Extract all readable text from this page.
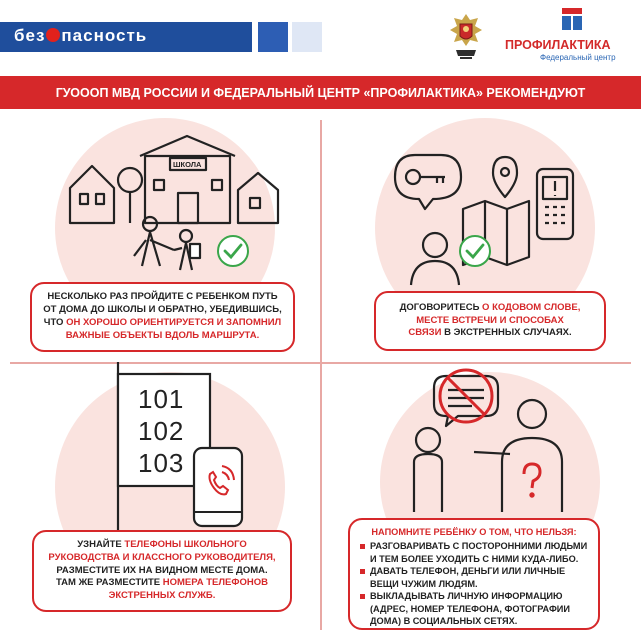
без пасность	ПРОФИЛАКТИКА
Федеральный центр
ГУОООП МВД РОССИИ И ФЕДЕРАЛЬНЫЙ ЦЕНТР «ПРОФИЛАКТИКА» РЕКОМЕНДУЮТ
ШКОЛА
НЕСКОЛЬКО РАЗ ПРОЙДИТЕ С РЕБЕНКОМ ПУТЬ
ОТ ДОМА ДО ШКОЛЫ И ОБРАТНО, УБЕДИВШИСЬ,
ЧТО ОН ХОРОШО ОРИЕНТИРУЕТСЯ И ЗАПОМНИЛ
ВАЖНЫЕ ОБЪЕКТЫ ВДОЛЬ МАРШРУТА.
ДОГОВОРИТЕСЬ О КОДОВОМ СЛОВЕ,
МЕСТЕ ВСТРЕЧИ И СПОСОБАХ
СВЯЗИ В ЭКСТРЕННЫХ СЛУЧАЯХ.
101
102
103
УЗНАЙТЕ ТЕЛЕФОНЫ ШКОЛЬНОГО
РУКОВОДСТВА И КЛАССНОГО РУКОВОДИТЕЛЯ,
РАЗМЕСТИТЕ ИХ НА ВИДНОМ МЕСТЕ ДОМА.
ТАМ ЖЕ РАЗМЕСТИТЕ НОМЕРА ТЕЛЕФОНОВ
ЭКСТРЕННЫХ СЛУЖБ.
НАПОМНИТЕ РЕБЁНКУ О ТОМ, ЧТО НЕЛЬЗЯ:
РАЗГОВАРИВАТЬ С ПОСТОРОННИМИ ЛЮДЬМИ И ТЕМ БОЛЕЕ УХОДИТЬ С НИМИ КУДА-ЛИБО.
ДАВАТЬ ТЕЛЕФОН, ДЕНЬГИ ИЛИ ЛИЧНЫЕ ВЕЩИ ЧУЖИМ ЛЮДЯМ.
ВЫКЛАДЫВАТЬ ЛИЧНУЮ ИНФОРМАЦИЮ (АДРЕС, НОМЕР ТЕЛЕФОНА, ФОТОГРАФИИ ДОМА) В СОЦИАЛЬНЫХ СЕТЯХ.
